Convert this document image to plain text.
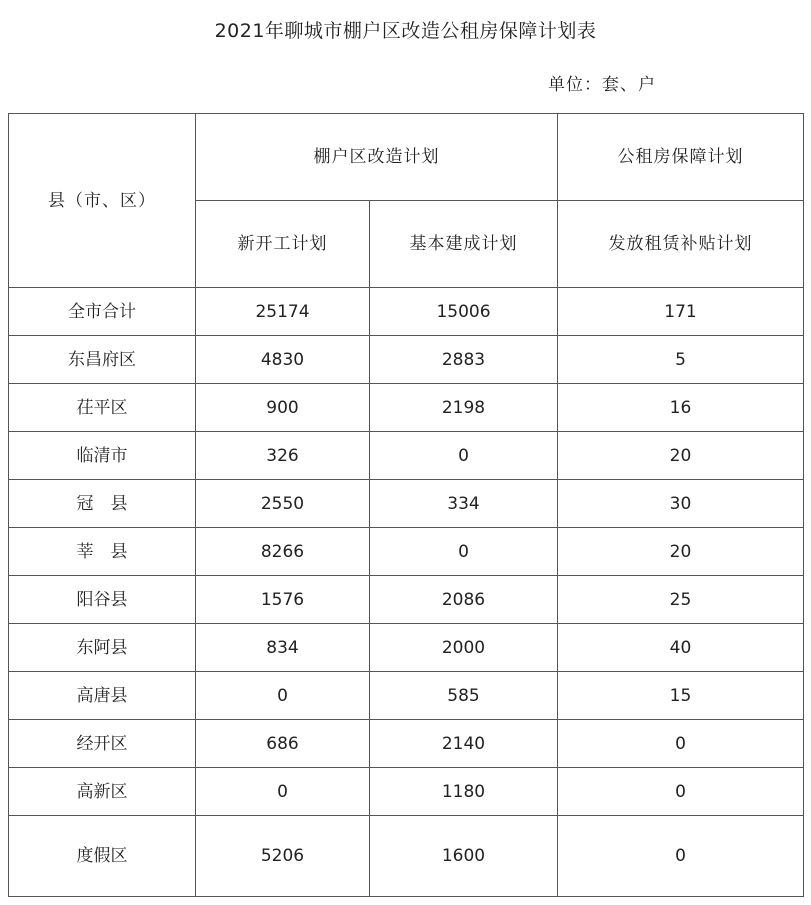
2021年聊城市棚户区改造公租房保障计划表
单位：套、户
县（市、区）	棚户区改造计划		公租房保障计划
	新开工计划	基本建成计划	发放租赁补贴计划
全市合计	25174	15006	171
东昌府区	4830	2883	5
茌平区	900	2198	16
临清市	326	0	20
冠　县	2550	334	30
莘　县	8266	0	20
阳谷县	1576	2086	25
东阿县	834	2000	40
高唐县	0	585	15
经开区	686	2140	0
高新区	0	1180	0
度假区	5206	1600	0
